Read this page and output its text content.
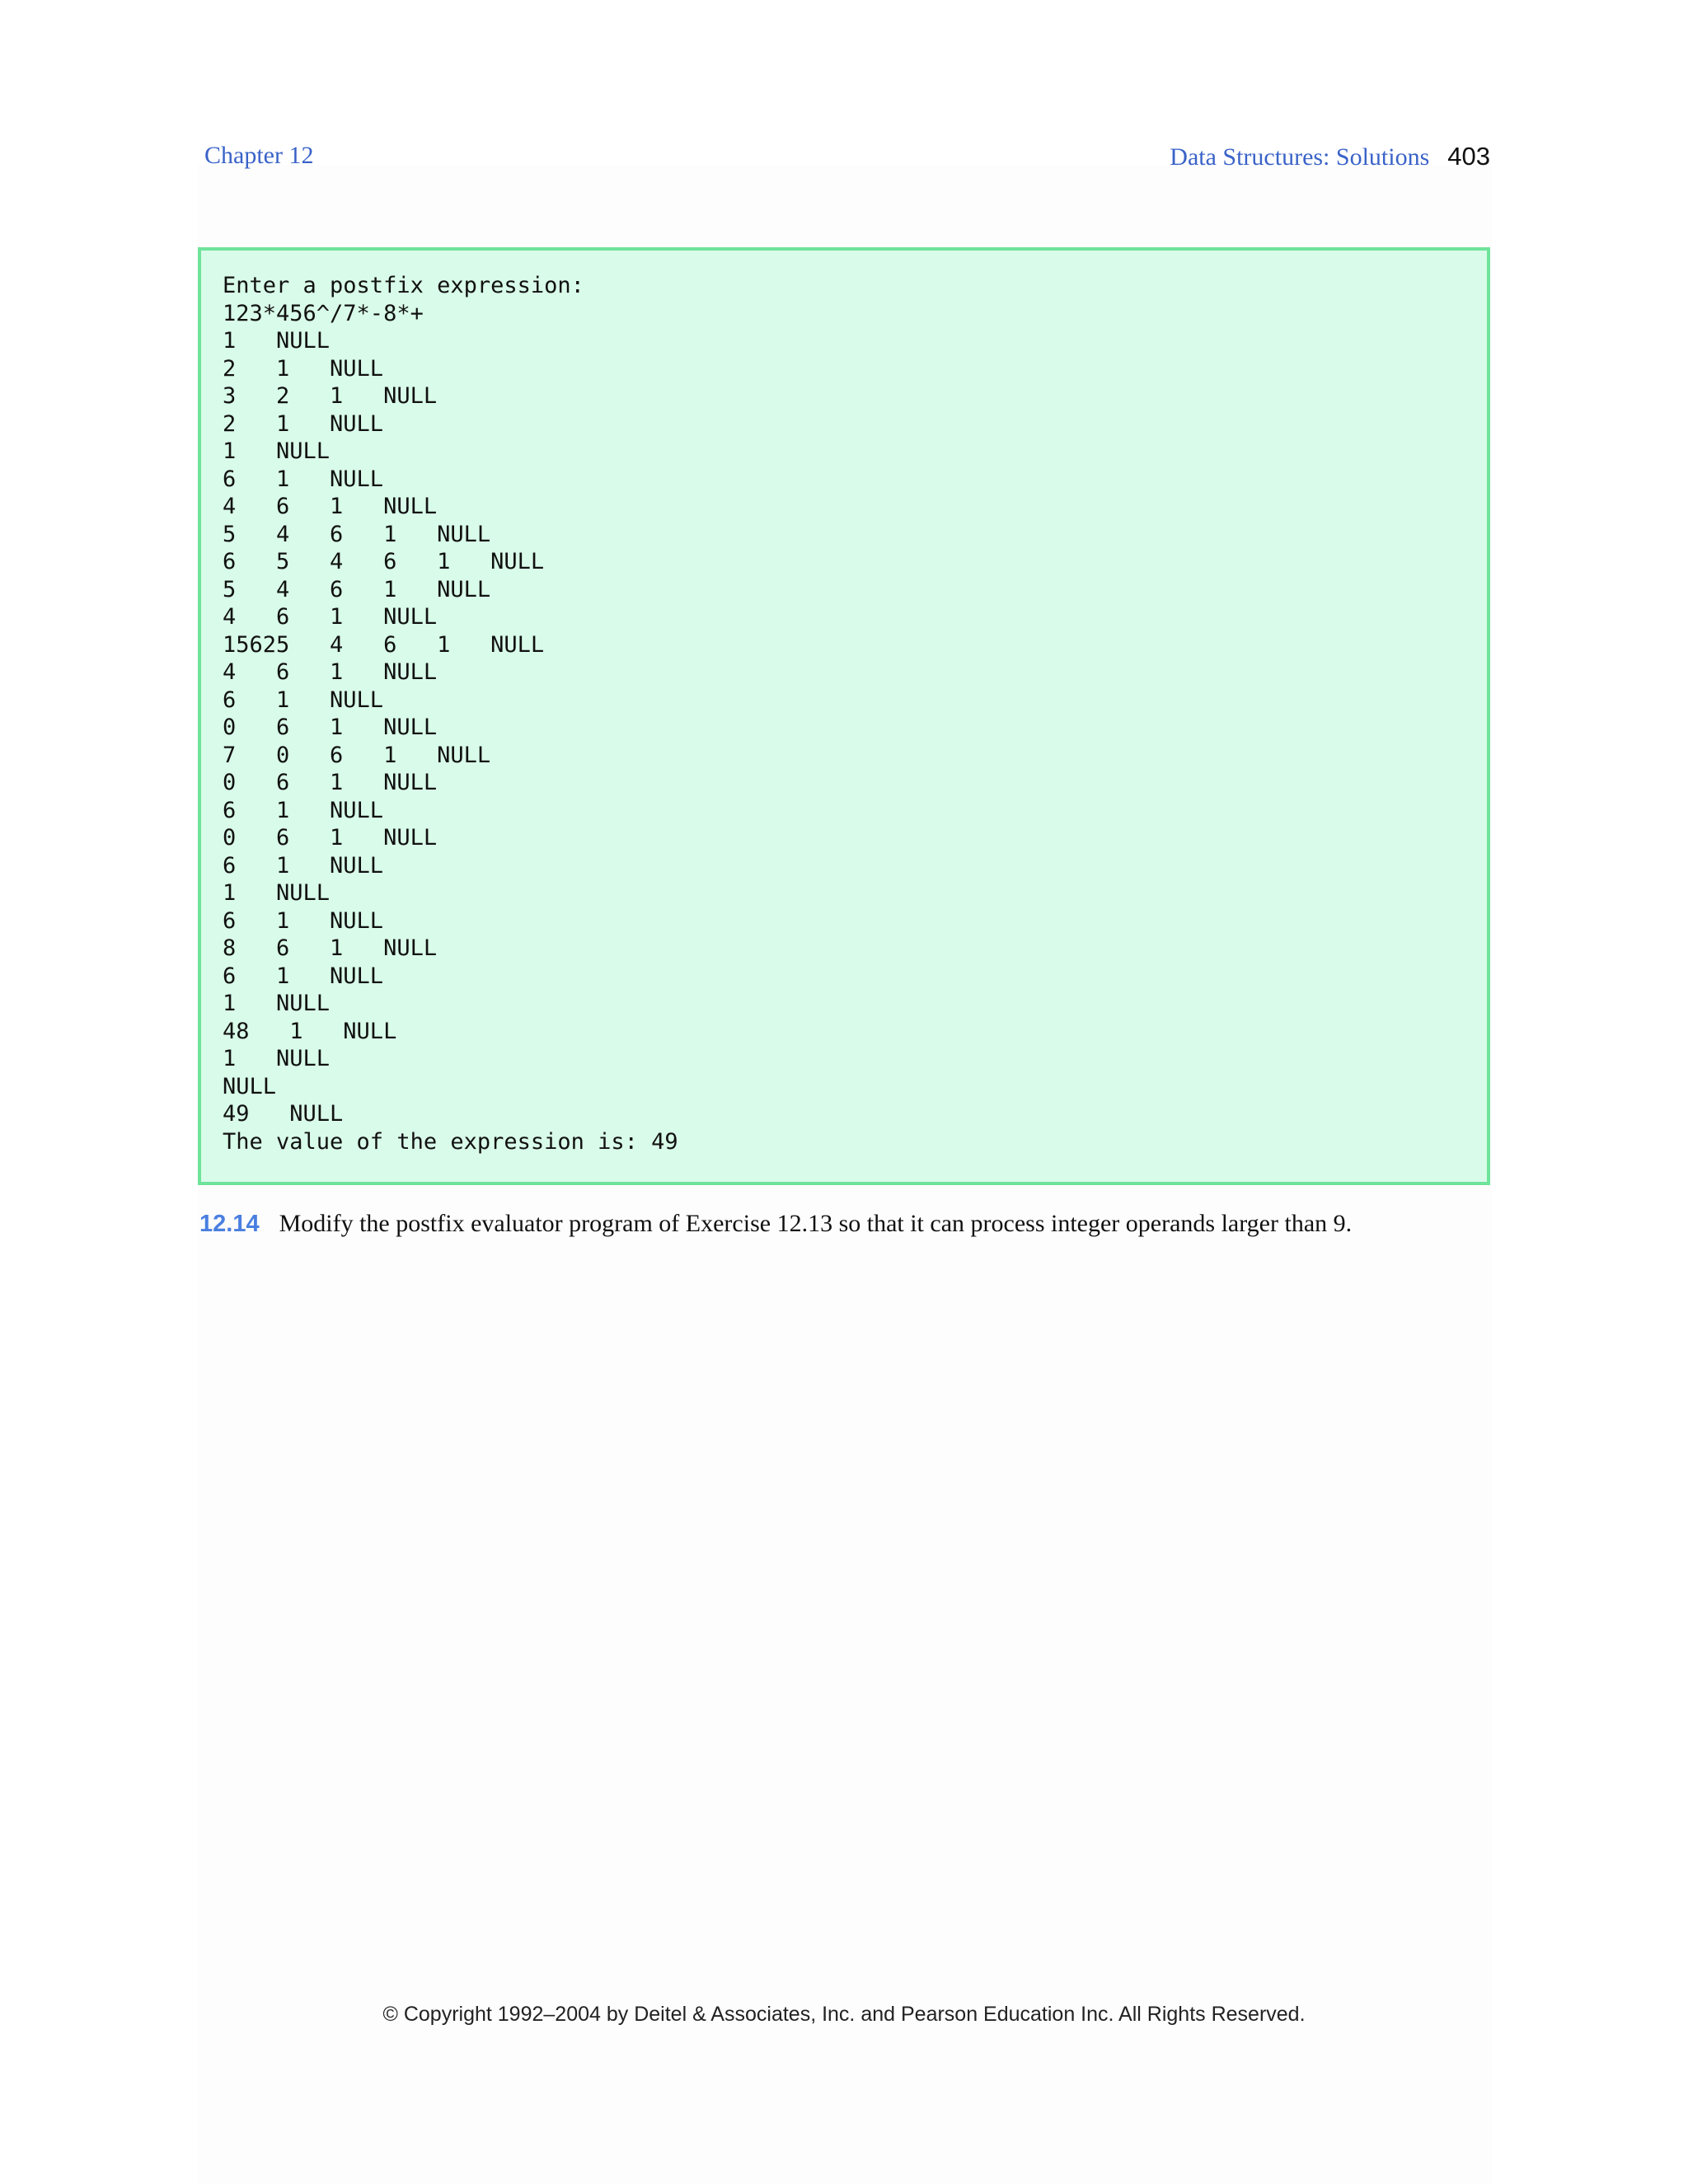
Chapter 12	Data Structures: Solutions 403
Enter a postfix expression:
123*456^/7*-8*+
1   NULL
2   1   NULL
3   2   1   NULL
2   1   NULL
1   NULL
6   1   NULL
4   6   1   NULL
5   4   6   1   NULL
6   5   4   6   1   NULL
5   4   6   1   NULL
4   6   1   NULL
15625   4   6   1   NULL
4   6   1   NULL
6   1   NULL
0   6   1   NULL
7   0   6   1   NULL
0   6   1   NULL
6   1   NULL
0   6   1   NULL
6   1   NULL
1   NULL
6   1   NULL
8   6   1   NULL
6   1   NULL
1   NULL
48   1   NULL
1   NULL
NULL
49   NULL
The value of the expression is: 49
12.14 Modify the postfix evaluator program of Exercise 12.13 so that it can process integer operands larger than 9.
© Copyright 1992–2004 by Deitel & Associates, Inc. and Pearson Education Inc. All Rights Reserved.
